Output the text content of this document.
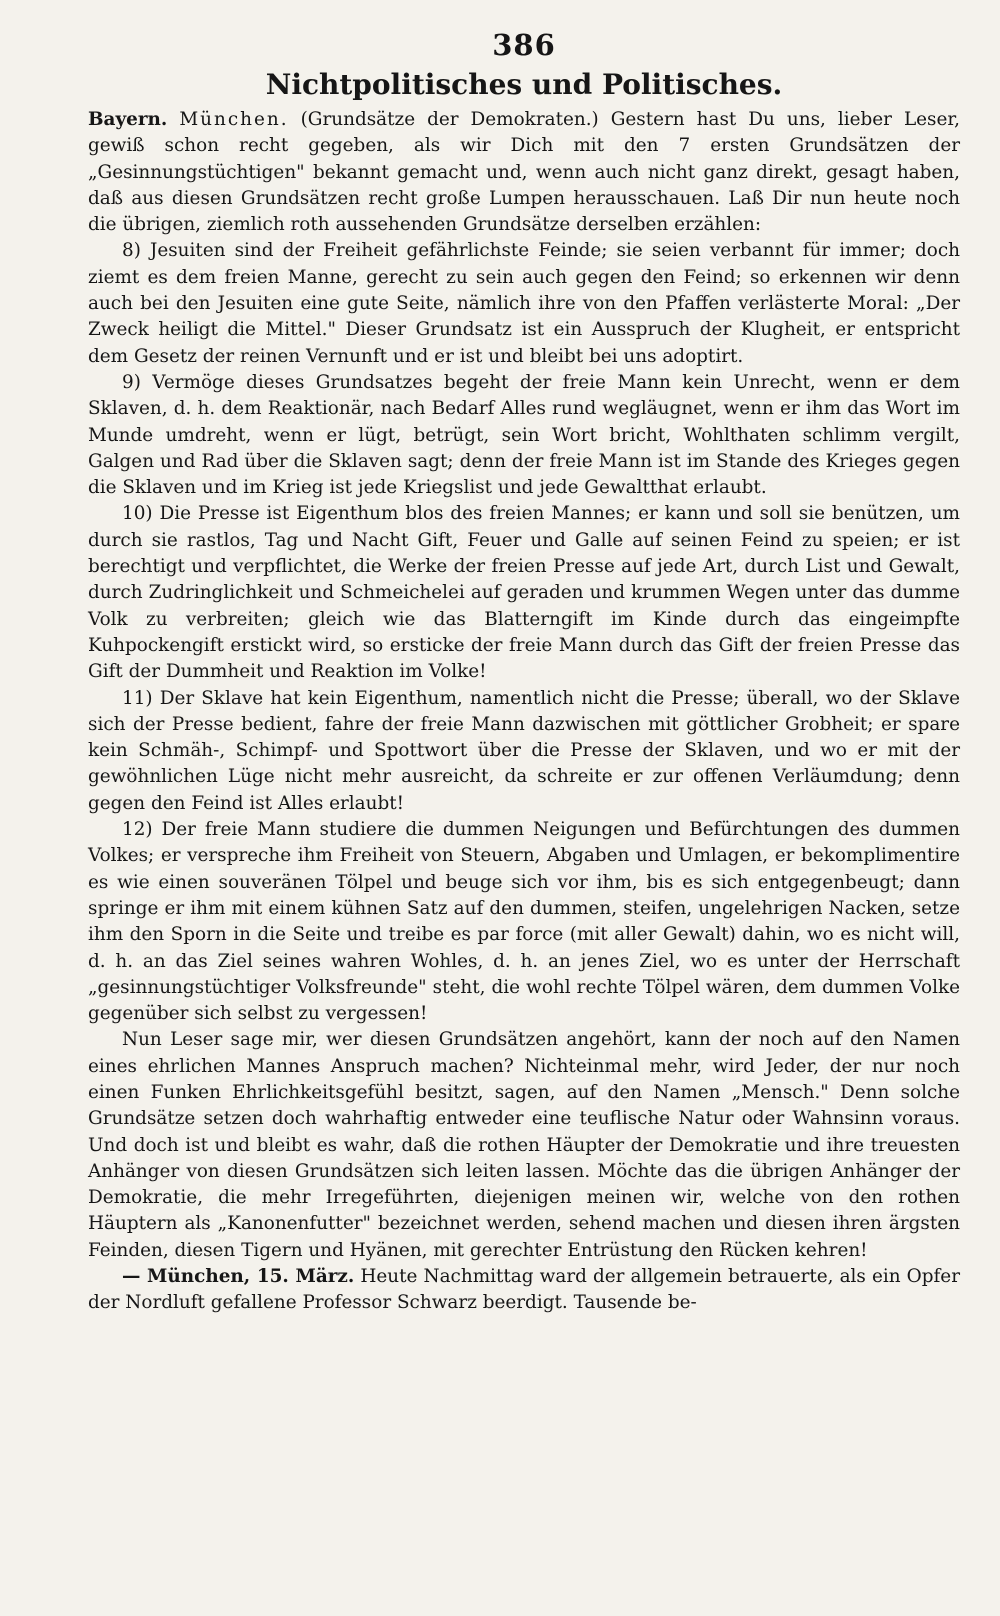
386
Nichtpolitisches und Politisches.

Bayern. München. (Grundsätze der Demokraten.) Gestern hast Du uns, lieber Leser, gewiß schon recht gegeben, als wir Dich mit den 7 ersten Grundsätzen der „Gesinnungstüchtigen" bekannt gemacht und, wenn auch nicht ganz direkt, gesagt haben, daß aus diesen Grundsätzen recht große Lumpen herausschauen. Laß Dir nun heute noch die übrigen, ziemlich roth aussehenden Grundsätze derselben erzählen:

8) Jesuiten sind der Freiheit gefährlichste Feinde; sie seien verbannt für immer; doch ziemt es dem freien Manne, gerecht zu sein auch gegen den Feind; so erkennen wir denn auch bei den Jesuiten eine gute Seite, nämlich ihre von den Pfaffen verlästerte Moral: „Der Zweck heiligt die Mittel." Dieser Grundsatz ist ein Ausspruch der Klugheit, er entspricht dem Gesetz der reinen Vernunft und er ist und bleibt bei uns adoptirt.

9) Vermöge dieses Grundsatzes begeht der freie Mann kein Unrecht, wenn er dem Sklaven, d. h. dem Reaktionär, nach Bedarf Alles rund wegläugnet, wenn er ihm das Wort im Munde umdreht, wenn er lügt, betrügt, sein Wort bricht, Wohlthaten schlimm vergilt, Galgen und Rad über die Sklaven sagt; denn der freie Mann ist im Stande des Krieges gegen die Sklaven und im Krieg ist jede Kriegslist und jede Gewaltthat erlaubt.

10) Die Presse ist Eigenthum blos des freien Mannes; er kann und soll sie benützen, um durch sie rastlos, Tag und Nacht Gift, Feuer und Galle auf seinen Feind zu speien; er ist berechtigt und verpflichtet, die Werke der freien Presse auf jede Art, durch List und Gewalt, durch Zudringlichkeit und Schmeichelei auf geraden und krummen Wegen unter das dumme Volk zu verbreiten; gleich wie das Blatterngift im Kinde durch das eingeimpfte Kuhpockengift erstickt wird, so ersticke der freie Mann durch das Gift der freien Presse das Gift der Dummheit und Reaktion im Volke!

11) Der Sklave hat kein Eigenthum, namentlich nicht die Presse; überall, wo der Sklave sich der Presse bedient, fahre der freie Mann dazwischen mit göttlicher Grobheit; er spare kein Schmäh-, Schimpf- und Spottwort über die Presse der Sklaven, und wo er mit der gewöhnlichen Lüge nicht mehr ausreicht, da schreite er zur offenen Verläumdung; denn gegen den Feind ist Alles erlaubt!

12) Der freie Mann studiere die dummen Neigungen und Befürchtungen des dummen Volkes; er verspreche ihm Freiheit von Steuern, Abgaben und Umlagen, er bekomplimentire es wie einen souveränen Tölpel und beuge sich vor ihm, bis es sich entgegenbeugt; dann springe er ihm mit einem kühnen Satz auf den dummen, steifen, ungelehrigen Nacken, setze ihm den Sporn in die Seite und treibe es par force (mit aller Gewalt) dahin, wo es nicht will, d. h. an das Ziel seines wahren Wohles, d. h. an jenes Ziel, wo es unter der Herrschaft „gesinnungstüchtiger Volksfreunde" steht, die wohl rechte Tölpel wären, dem dummen Volke gegenüber sich selbst zu vergessen!

Nun Leser sage mir, wer diesen Grundsätzen angehört, kann der noch auf den Namen eines ehrlichen Mannes Anspruch machen? Nichteinmal mehr, wird Jeder, der nur noch einen Funken Ehrlichkeitsgefühl besitzt, sagen, auf den Namen „Mensch." Denn solche Grundsätze setzen doch wahrhaftig entweder eine teuflische Natur oder Wahnsinn voraus. Und doch ist und bleibt es wahr, daß die rothen Häupter der Demokratie und ihre treuesten Anhänger von diesen Grundsätzen sich leiten lassen. Möchte das die übrigen Anhänger der Demokratie, die mehr Irregeführten, diejenigen meinen wir, welche von den rothen Häuptern als „Kanonenfutter" bezeichnet werden, sehend machen und diesen ihren ärgsten Feinden, diesen Tigern und Hyänen, mit gerechter Entrüstung den Rücken kehren!

— München, 15. März. Heute Nachmittag ward der allgemein betrauerte, als ein Opfer der Nordluft gefallene Professor Schwarz beerdigt. Tausende be-
